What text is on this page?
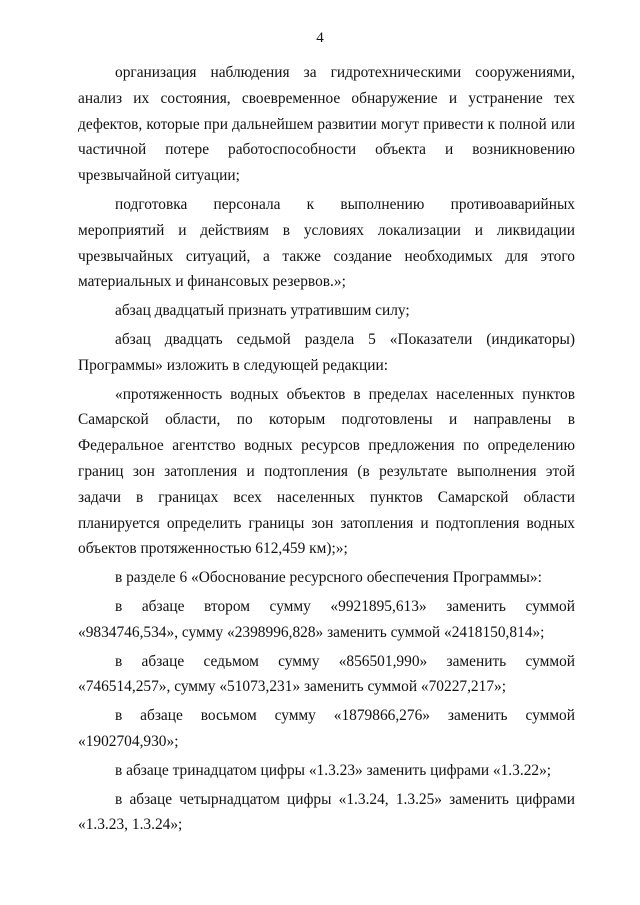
4

организация наблюдения за гидротехническими сооружениями, анализ их состояния, своевременное обнаружение и устранение тех дефектов, которые при дальнейшем развитии могут привести к полной или частичной потере работоспособности объекта и возникновению чрезвычайной ситуации;

подготовка персонала к выполнению противоаварийных мероприятий и действиям в условиях локализации и ликвидации чрезвычайных ситуаций, а также создание необходимых для этого материальных и финансовых резервов.»;

абзац двадцатый признать утратившим силу;

абзац двадцать седьмой раздела 5 «Показатели (индикаторы) Программы» изложить в следующей редакции:

«протяженность водных объектов в пределах населенных пунктов Самарской области, по которым подготовлены и направлены в Федеральное агентство водных ресурсов предложения по определению границ зон затопления и подтопления (в результате выполнения этой задачи в границах всех населенных пунктов Самарской области планируется определить границы зон затопления и подтопления водных объектов протяженностью 612,459 км);»;

в разделе 6 «Обоснование ресурсного обеспечения Программы»:

в абзаце втором сумму «9921895,613» заменить суммой «9834746,534», сумму «2398996,828» заменить суммой «2418150,814»;

в абзаце седьмом сумму «856501,990» заменить суммой «746514,257», сумму «51073,231» заменить суммой «70227,217»;

в абзаце восьмом сумму «1879866,276» заменить суммой «1902704,930»;

в абзаце тринадцатом цифры «1.3.23» заменить цифрами «1.3.22»;

в абзаце четырнадцатом цифры «1.3.24, 1.3.25» заменить цифрами «1.3.23, 1.3.24»;
